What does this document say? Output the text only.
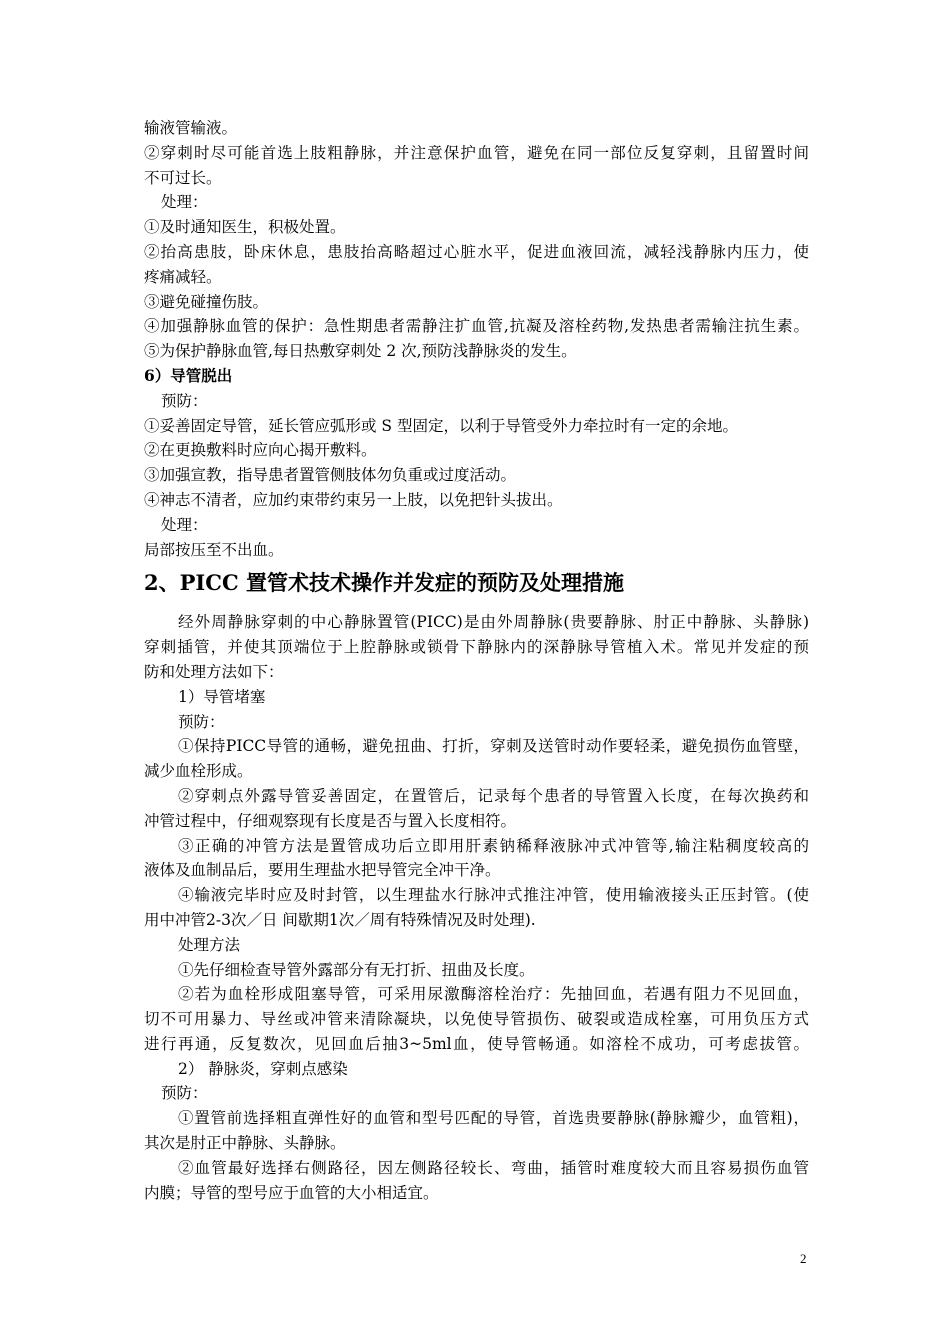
输液管输液。
②穿刺时尽可能首选上肢粗静脉，并注意保护血管，避免在同一部位反复穿刺，且留置时间
不可过长。
处理：
①及时通知医生，积极处置。
②抬高患肢，卧床休息，患肢抬高略超过心脏水平，促进血液回流，减轻浅静脉内压力，使
疼痛减轻。
③避免碰撞伤肢。
④加强静脉血管的保护：急性期患者需静注扩血管,抗凝及溶栓药物,发热患者需输注抗生素。
⑤为保护静脉血管,每日热敷穿刺处 2 次,预防浅静脉炎的发生。
6）导管脱出
预防：
①妥善固定导管，延长管应弧形或 S 型固定，以利于导管受外力牵拉时有一定的余地。
②在更换敷料时应向心揭开敷料。
③加强宣教，指导患者置管侧肢体勿负重或过度活动。
④神志不清者，应加约束带约束另一上肢，以免把针头拔出。
处理：
局部按压至不出血。
2、PICC 置管术技术操作并发症的预防及处理措施
经外周静脉穿刺的中心静脉置管(PICC)是由外周静脉(贵要静脉、肘正中静脉、头静脉)
穿刺插管，并使其顶端位于上腔静脉或锁骨下静脉内的深静脉导管植入术。常见并发症的预
防和处理方法如下：
1）导管堵塞
预防：
①保持PICC导管的通畅，避免扭曲、打折，穿刺及送管时动作要轻柔，避免损伤血管壁，
减少血栓形成。
②穿刺点外露导管妥善固定，在置管后，记录每个患者的导管置入长度，在每次换药和
冲管过程中，仔细观察现有长度是否与置入长度相符。
③正确的冲管方法是置管成功后立即用肝素钠稀释液脉冲式冲管等,输注粘稠度较高的
液体及血制品后，要用生理盐水把导管完全冲干净。
④输液完毕时应及时封管，以生理盐水行脉冲式推注冲管，使用输液接头正压封管。(使
用中冲管2-3次／日 间歇期1次／周有特殊情况及时处理).
处理方法
①先仔细检查导管外露部分有无打折、扭曲及长度。
②若为血栓形成阻塞导管，可采用尿激酶溶栓治疗：先抽回血，若遇有阻力不见回血，
切不可用暴力、导丝或冲管来清除凝块，以免使导管损伤、破裂或造成栓塞，可用负压方式
进行再通，反复数次，见回血后抽3~5ml血，使导管畅通。如溶栓不成功，可考虑拔管。
2） 静脉炎，穿刺点感染
预防：
①置管前选择粗直弹性好的血管和型号匹配的导管，首选贵要静脉(静脉瓣少，血管粗)，
其次是肘正中静脉、头静脉。
②血管最好选择右侧路径，因左侧路径较长、弯曲，插管时难度较大而且容易损伤血管
内膜；导管的型号应于血管的大小相适宜。
2
